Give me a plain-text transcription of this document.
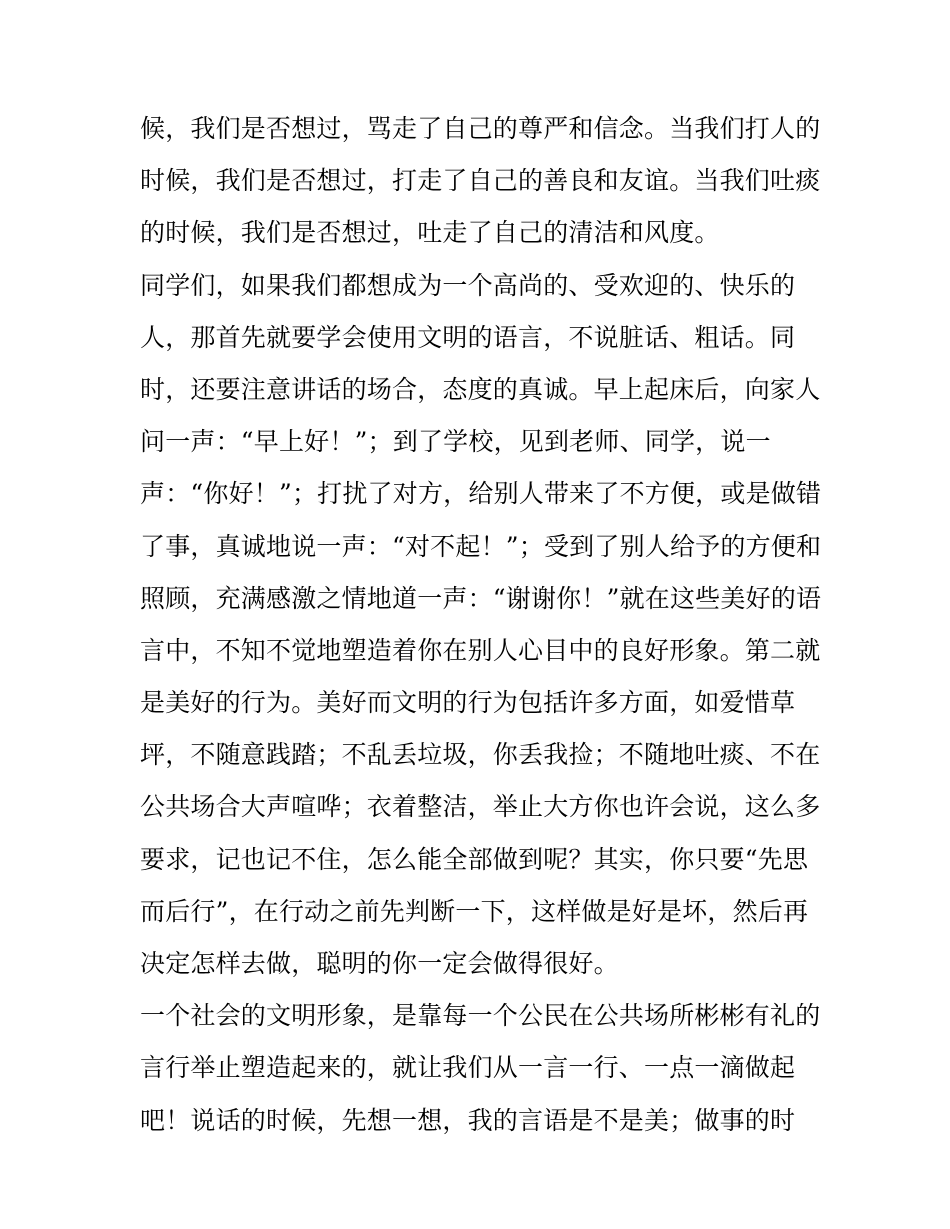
候，我们是否想过，骂走了自己的尊严和信念。当我们打人的
时候，我们是否想过，打走了自己的善良和友谊。当我们吐痰
的时候，我们是否想过，吐走了自己的清洁和风度。
同学们，如果我们都想成为一个高尚的、受欢迎的、快乐的
人，那首先就要学会使用文明的语言，不说脏话、粗话。同
时，还要注意讲话的场合，态度的真诚。早上起床后，向家人
问一声：“早上好！”；到了学校，见到老师、同学，说一
声：“你好！”；打扰了对方，给别人带来了不方便，或是做错
了事，真诚地说一声：“对不起！”；受到了别人给予的方便和
照顾，充满感激之情地道一声：“谢谢你！”就在这些美好的语
言中，不知不觉地塑造着你在别人心目中的良好形象。第二就
是美好的行为。美好而文明的行为包括许多方面，如爱惜草
坪，不随意践踏；不乱丢垃圾，你丢我捡；不随地吐痰、不在
公共场合大声喧哗；衣着整洁，举止大方你也许会说，这么多
要求，记也记不住，怎么能全部做到呢？其实，你只要“先思
而后行”，在行动之前先判断一下，这样做是好是坏，然后再
决定怎样去做，聪明的你一定会做得很好。
一个社会的文明形象，是靠每一个公民在公共场所彬彬有礼的
言行举止塑造起来的，就让我们从一言一行、一点一滴做起
吧！说话的时候，先想一想，我的言语是不是美；做事的时
